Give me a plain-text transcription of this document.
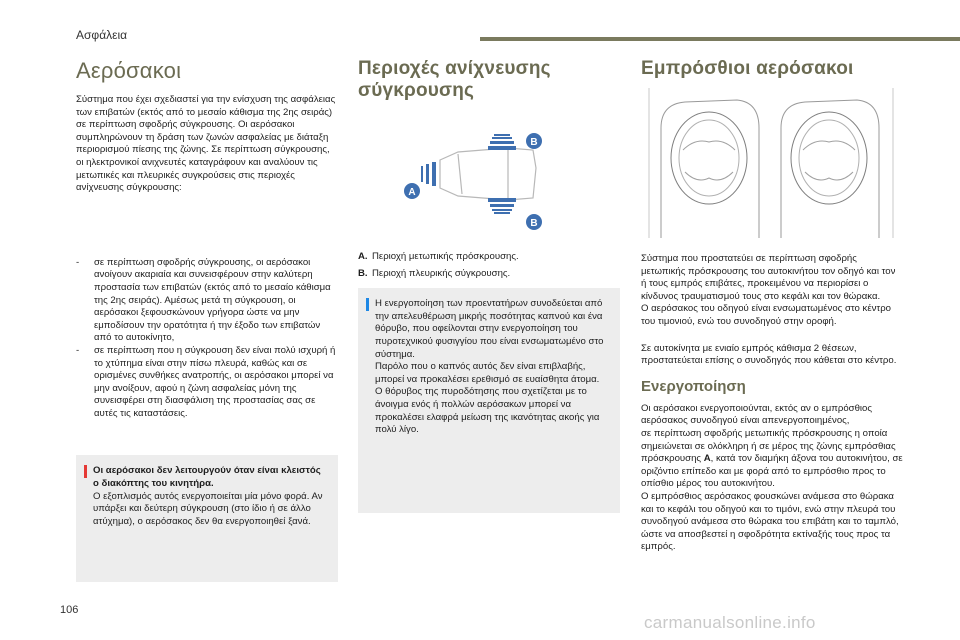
Ασφάλεια
Αερόσακοι

Σύστημα που έχει σχεδιαστεί για την ενίσχυση της ασφάλειας των επιβατών (εκτός από το μεσαίο κάθισμα της 2ης σειράς) σε περίπτωση σφοδρής σύγκρουσης. Οι αερόσακοι συμπληρώνουν τη δράση των ζωνών ασφαλείας με διάταξη περιορισμού πίεσης της ζώνης. Σε περίπτωση σύγκρουσης, οι ηλεκτρονικοί ανιχνευτές καταγράφουν και αναλύουν τις μετωπικές και πλευρικές συγκρούσεις στις περιοχές ανίχνευσης σύγκρουσης:

- σε περίπτωση σφοδρής σύγκρουσης, οι αερόσακοι ανοίγουν ακαριαία και συνεισφέρουν στην καλύτερη προστασία των επιβατών (εκτός από το μεσαίο κάθισμα της 2ης σειράς). Αμέσως μετά τη σύγκρουση, οι αερόσακοι ξεφουσκώνουν γρήγορα ώστε να μην εμποδίσουν την ορατότητα ή την έξοδο των επιβατών από το αυτοκίνητο,
- σε περίπτωση που η σύγκρουση δεν είναι πολύ ισχυρή ή το χτύπημα είναι στην πίσω πλευρά, καθώς και σε ορισμένες συνθήκες ανατροπής, οι αερόσακοι μπορεί να μην ανοίξουν, αφού η ζώνη ασφαλείας μόνη της συνεισφέρει στη διασφάλιση της προστασίας σας σε αυτές τις καταστάσεις.

Οι αερόσακοι δεν λειτουργούν όταν είναι κλειστός ο διακόπτης του κινητήρα.
Ο εξοπλισμός αυτός ενεργοποιείται μία μόνο φορά. Αν υπάρξει και δεύτερη σύγκρουση (στο ίδιο ή σε άλλο ατύχημα), ο αερόσακος δεν θα ενεργοποιηθεί ξανά.

Περιοχές ανίχνευσης σύγκρουσης
B
B
A
A. Περιοχή μετωπικής πρόσκρουσης.
B. Περιοχή πλευρικής σύγκρουσης.

Η ενεργοποίηση των προεντατήρων συνοδεύεται από την απελευθέρωση μικρής ποσότητας καπνού και ένα θόρυβο, που οφείλονται στην ενεργοποίηση του πυροτεχνικού φυσιγγίου που είναι ενσωματωμένο στο σύστημα.
Παρόλο που ο καπνός αυτός δεν είναι επιβλαβής, μπορεί να προκαλέσει ερεθισμό σε ευαίσθητα άτομα.
Ο θόρυβος της πυροδότησης που σχετίζεται με το άνοιγμα ενός ή πολλών αερόσακων μπορεί να προκαλέσει ελαφρά μείωση της ικανότητας ακοής για πολύ λίγο.

Εμπρόσθιοι αερόσακοι

Σύστημα που προστατεύει σε περίπτωση σφοδρής μετωπικής πρόσκρουσης του αυτοκινήτου τον οδηγό και τον ή τους εμπρός επιβάτες, προκειμένου να περιορίσει ο κίνδυνος τραυματισμού τους στο κεφάλι και τον θώρακα.

Ο αερόσακος του οδηγού είναι ενσωματωμένος στο κέντρο του τιμονιού, ενώ του συνοδηγού στην οροφή.

Σε αυτοκίνητα με ενιαίο εμπρός κάθισμα 2 θέσεων, προστατεύεται επίσης ο συνοδηγός που κάθεται στο κέντρο.

Ενεργοποίηση

Οι αερόσακοι ενεργοποιούνται, εκτός αν ο εμπρόσθιος αερόσακος συνοδηγού είναι απενεργοποιημένος,

σε περίπτωση σφοδρής μετωπικής πρόσκρουσης η οποία σημειώνεται σε ολόκληρη ή σε μέρος της ζώνης εμπρόσθιας πρόσκρουσης A, κατά τον διαμήκη άξονα του αυτοκινήτου, σε οριζόντιο επίπεδο και με φορά από το εμπρόσθιο προς το οπίσθιο μέρος του αυτοκινήτου.

Ο εμπρόσθιος αερόσακος φουσκώνει ανάμεσα στο θώρακα και το κεφάλι του οδηγού και το τιμόνι, ενώ στην πλευρά του συνοδηγού ανάμεσα στο θώρακα του επιβάτη και το ταμπλό, ώστε να αποσβεστεί η σφοδρότητα εκτίναξής τους προς τα εμπρός.

106
carmanualsonline.info
